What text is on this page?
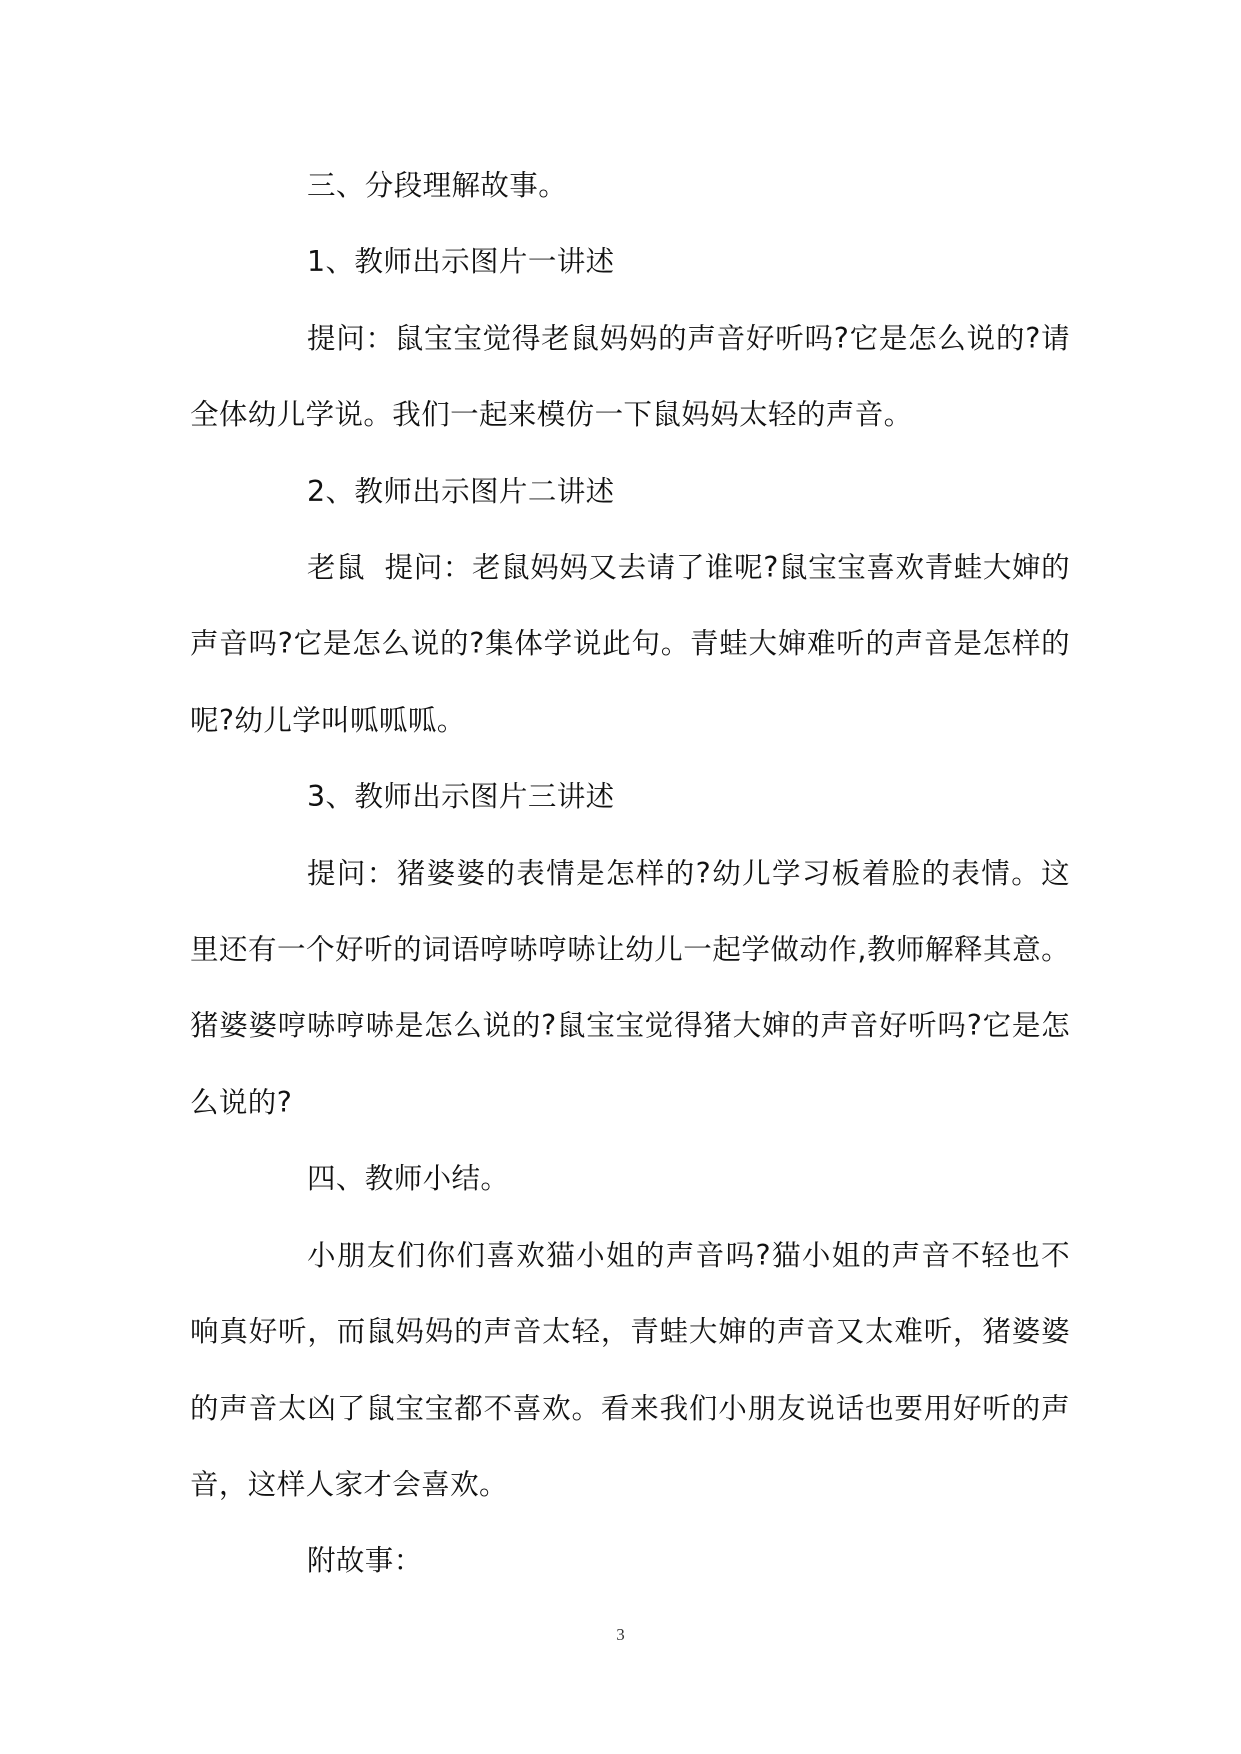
三、分段理解故事。

1、教师出示图片一讲述

提问：鼠宝宝觉得老鼠妈妈的声音好听吗?它是怎么说的?请全体幼儿学说。我们一起来模仿一下鼠妈妈太轻的声音。

2、教师出示图片二讲述

老鼠  提问：老鼠妈妈又去请了谁呢?鼠宝宝喜欢青蛙大婶的声音吗?它是怎么说的?集体学说此句。青蛙大婶难听的声音是怎样的呢?幼儿学叫呱呱呱。

3、教师出示图片三讲述

提问：猪婆婆的表情是怎样的?幼儿学习板着脸的表情。这里还有一个好听的词语哼哧哼哧让幼儿一起学做动作,教师解释其意。猪婆婆哼哧哼哧是怎么说的?鼠宝宝觉得猪大婶的声音好听吗?它是怎么说的?

四、教师小结。

小朋友们你们喜欢猫小姐的声音吗?猫小姐的声音不轻也不响真好听，而鼠妈妈的声音太轻，青蛙大婶的声音又太难听，猪婆婆的声音太凶了鼠宝宝都不喜欢。看来我们小朋友说话也要用好听的声音，这样人家才会喜欢。

附故事：

3
